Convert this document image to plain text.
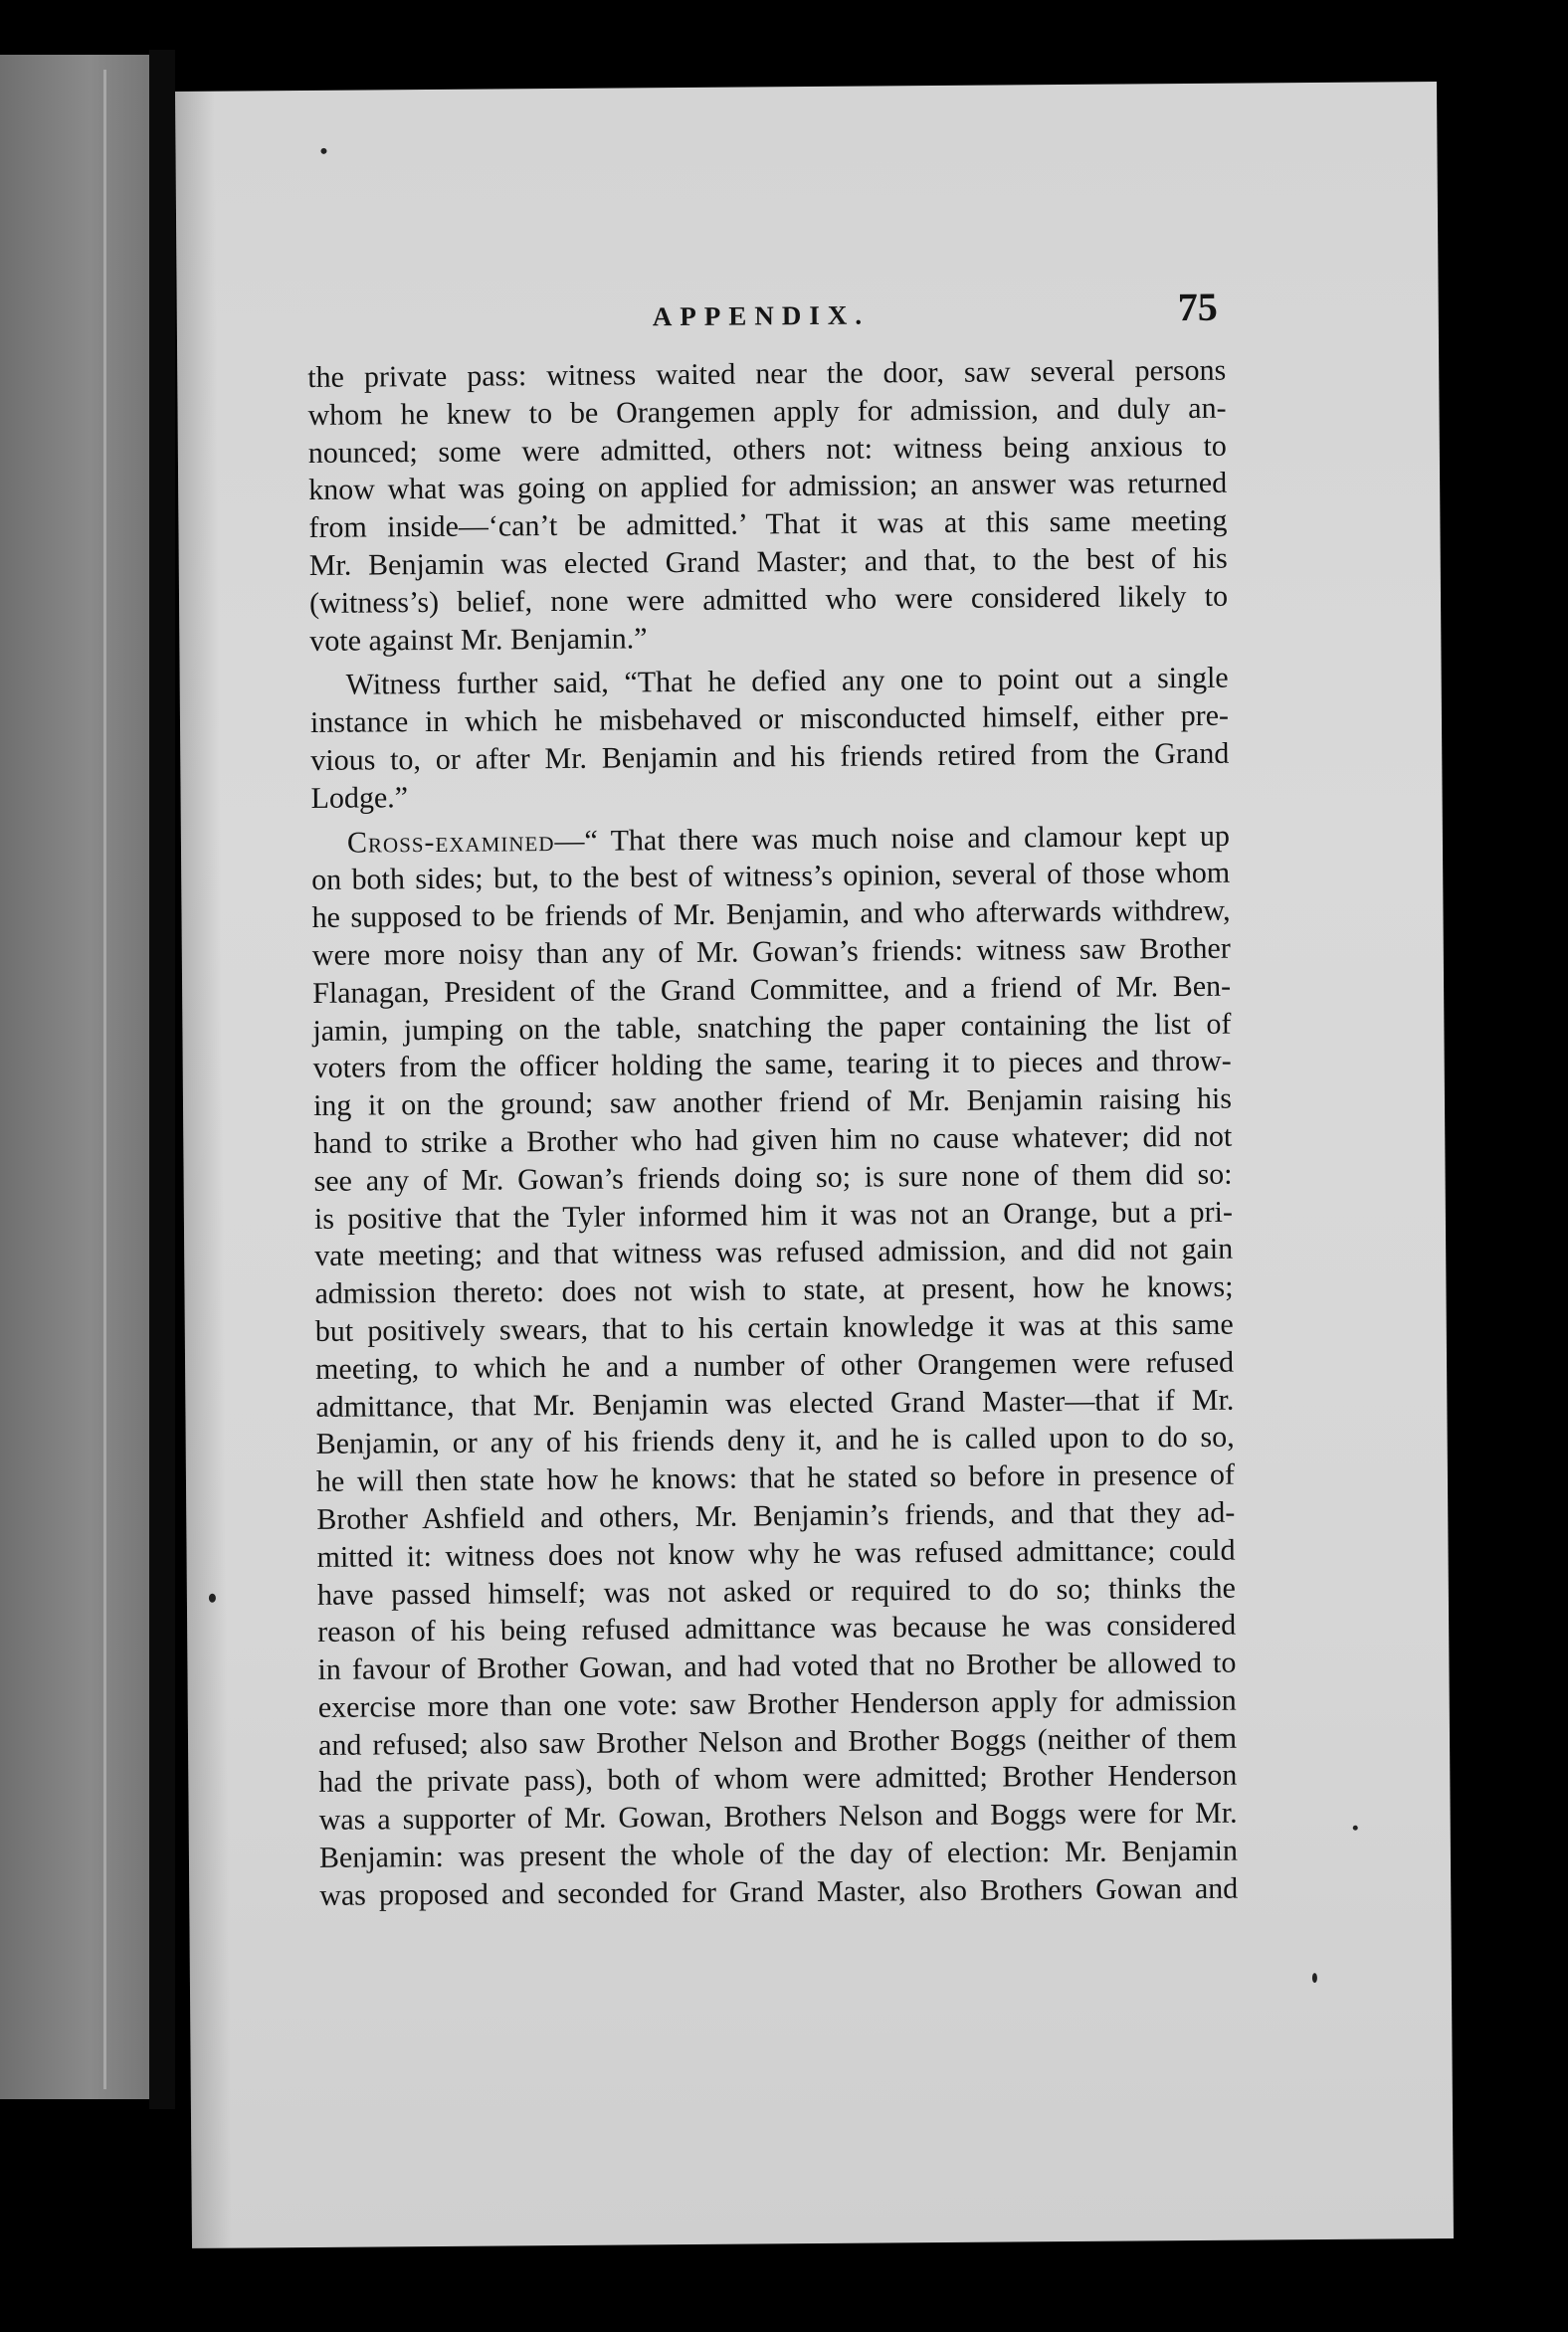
APPENDIX.	75
the private pass: witness waited near the door, saw several persons
whom he knew to be Orangemen apply for admission, and duly an-
nounced; some were admitted, others not: witness being anxious to
know what was going on applied for admission; an answer was returned
from inside—‘can’t be admitted.’ That it was at this same meeting
Mr. Benjamin was elected Grand Master; and that, to the best of his
(witness’s) belief, none were admitted who were considered likely to
vote against Mr. Benjamin.”
Witness further said, “That he defied any one to point out a single
instance in which he misbehaved or misconducted himself, either pre-
vious to, or after Mr. Benjamin and his friends retired from the Grand
Lodge.”
Cross-examined—“ That there was much noise and clamour kept up
on both sides; but, to the best of witness’s opinion, several of those whom
he supposed to be friends of Mr. Benjamin, and who afterwards withdrew,
were more noisy than any of Mr. Gowan’s friends: witness saw Brother
Flanagan, President of the Grand Committee, and a friend of Mr. Ben-
jamin, jumping on the table, snatching the paper containing the list of
voters from the officer holding the same, tearing it to pieces and throw-
ing it on the ground; saw another friend of Mr. Benjamin raising his
hand to strike a Brother who had given him no cause whatever; did not
see any of Mr. Gowan’s friends doing so; is sure none of them did so:
is positive that the Tyler informed him it was not an Orange, but a pri-
vate meeting; and that witness was refused admission, and did not gain
admission thereto: does not wish to state, at present, how he knows;
but positively swears, that to his certain knowledge it was at this same
meeting, to which he and a number of other Orangemen were refused
admittance, that Mr. Benjamin was elected Grand Master—that if Mr.
Benjamin, or any of his friends deny it, and he is called upon to do so,
he will then state how he knows: that he stated so before in presence of
Brother Ashfield and others, Mr. Benjamin’s friends, and that they ad-
mitted it: witness does not know why he was refused admittance; could
have passed himself; was not asked or required to do so; thinks the
reason of his being refused admittance was because he was considered
in favour of Brother Gowan, and had voted that no Brother be allowed to
exercise more than one vote: saw Brother Henderson apply for admission
and refused; also saw Brother Nelson and Brother Boggs (neither of them
had the private pass), both of whom were admitted; Brother Henderson
was a supporter of Mr. Gowan, Brothers Nelson and Boggs were for Mr.
Benjamin: was present the whole of the day of election: Mr. Benjamin
was proposed and seconded for Grand Master, also Brothers Gowan and
